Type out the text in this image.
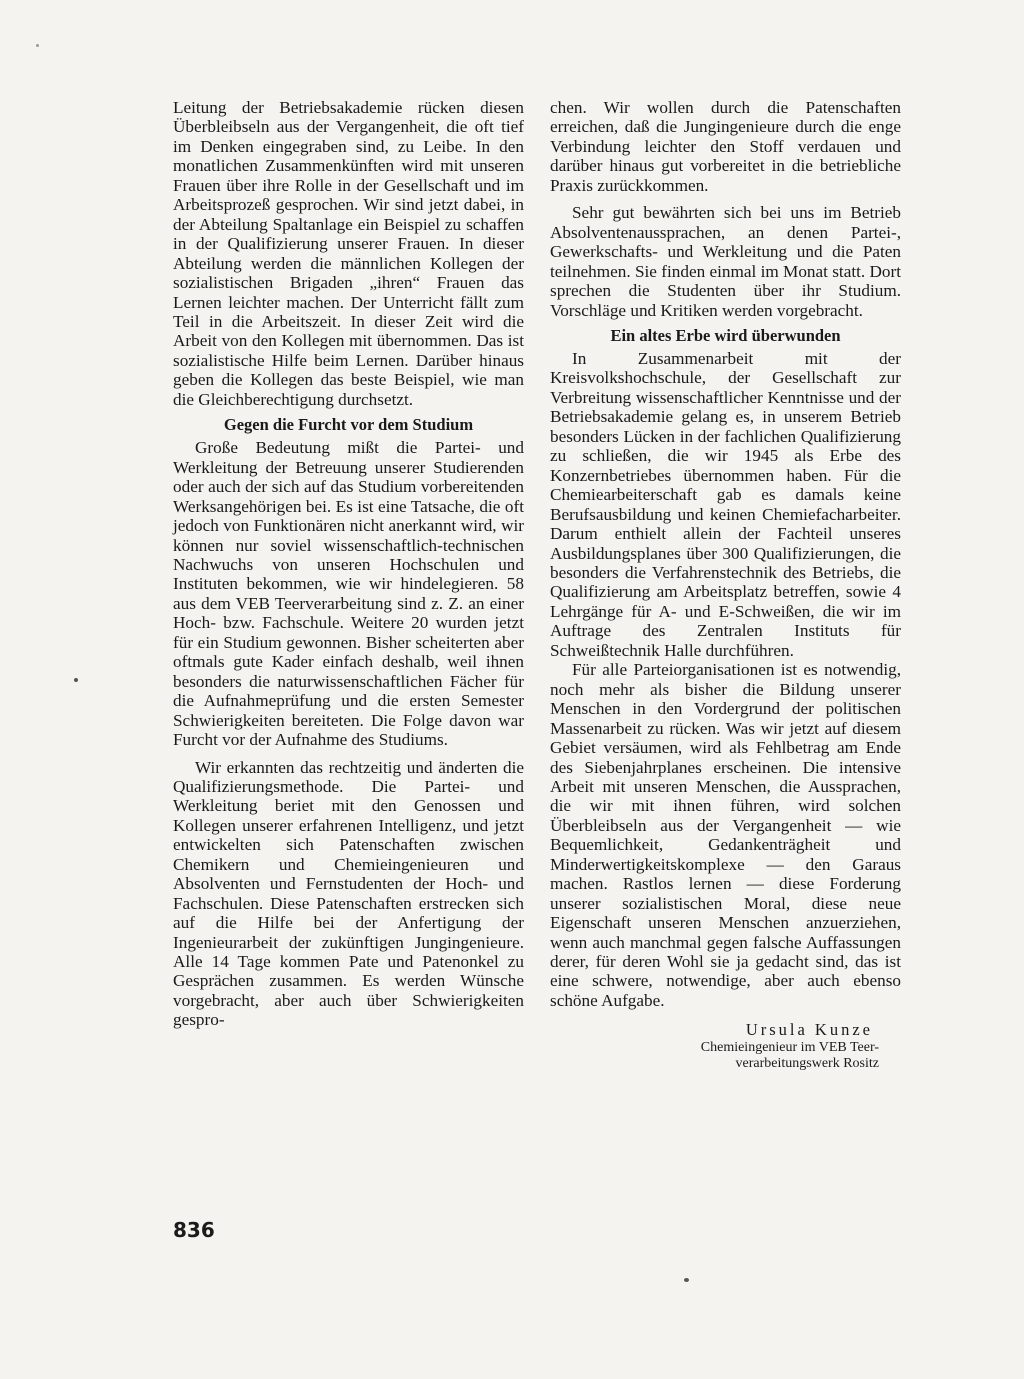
Leitung der Betriebsakademie rücken diesen Überbleibseln aus der Vergangenheit, die oft tief im Denken eingegraben sind, zu Leibe. In den monatlichen Zusammenkünften wird mit unseren Frauen über ihre Rolle in der Gesellschaft und im Arbeitsprozeß gesprochen. Wir sind jetzt dabei, in der Abteilung Spaltanlage ein Beispiel zu schaffen in der Qualifizierung unserer Frauen. In dieser Abteilung werden die männlichen Kollegen der sozialistischen Brigaden „ihren“ Frauen das Lernen leichter machen. Der Unterricht fällt zum Teil in die Arbeitszeit. In dieser Zeit wird die Arbeit von den Kollegen mit übernommen. Das ist sozialistische Hilfe beim Lernen. Darüber hinaus geben die Kollegen das beste Beispiel, wie man die Gleichberechtigung durchsetzt.

Gegen die Furcht vor dem Studium

Große Bedeutung mißt die Partei- und Werkleitung der Betreuung unserer Studierenden oder auch der sich auf das Studium vorbereitenden Werksangehörigen bei. Es ist eine Tatsache, die oft jedoch von Funktionären nicht anerkannt wird, wir können nur soviel wissenschaftlich-technischen Nachwuchs von unseren Hochschulen und Instituten bekommen, wie wir hindelegieren. 58 aus dem VEB Teerverarbeitung sind z. Z. an einer Hoch- bzw. Fachschule. Weitere 20 wurden jetzt für ein Studium gewonnen. Bisher scheiterten aber oftmals gute Kader einfach deshalb, weil ihnen besonders die naturwissenschaftlichen Fächer für die Aufnahmeprüfung und die ersten Semester Schwierigkeiten bereiteten. Die Folge davon war Furcht vor der Aufnahme des Studiums.

Wir erkannten das rechtzeitig und änderten die Qualifizierungsmethode. Die Partei- und Werkleitung beriet mit den Genossen und Kollegen unserer erfahrenen Intelligenz, und jetzt entwickelten sich Patenschaften zwischen Chemikern und Chemieingenieuren und Absolventen und Fernstudenten der Hoch- und Fachschulen. Diese Patenschaften erstrecken sich auf die Hilfe bei der Anfertigung der Ingenieurarbeit der zukünftigen Jungingenieure. Alle 14 Tage kommen Pate und Patenonkel zu Gesprächen zusammen. Es werden Wünsche vorgebracht, aber auch über Schwierigkeiten gespro-

chen. Wir wollen durch die Patenschaften erreichen, daß die Jungingenieure durch die enge Verbindung leichter den Stoff verdauen und darüber hinaus gut vorbereitet in die betriebliche Praxis zurückkommen.

Sehr gut bewährten sich bei uns im Betrieb Absolventenaussprachen, an denen Partei-, Gewerkschafts- und Werkleitung und die Paten teilnehmen. Sie finden einmal im Monat statt. Dort sprechen die Studenten über ihr Studium. Vorschläge und Kritiken werden vorgebracht.

Ein altes Erbe wird überwunden

In Zusammenarbeit mit der Kreisvolkshochschule, der Gesellschaft zur Verbreitung wissenschaftlicher Kenntnisse und der Betriebsakademie gelang es, in unserem Betrieb besonders Lücken in der fachlichen Qualifizierung zu schließen, die wir 1945 als Erbe des Konzernbetriebes übernommen haben. Für die Chemiearbeiterschaft gab es damals keine Berufsausbildung und keinen Chemiefacharbeiter. Darum enthielt allein der Fachteil unseres Ausbildungsplanes über 300 Qualifizierungen, die besonders die Verfahrenstechnik des Betriebs, die Qualifizierung am Arbeitsplatz betreffen, sowie 4 Lehrgänge für A- und E-Schweißen, die wir im Auftrage des Zentralen Instituts für Schweißtechnik Halle durchführen.

Für alle Parteiorganisationen ist es notwendig, noch mehr als bisher die Bildung unserer Menschen in den Vordergrund der politischen Massenarbeit zu rücken. Was wir jetzt auf diesem Gebiet versäumen, wird als Fehlbetrag am Ende des Siebenjahrplanes erscheinen. Die intensive Arbeit mit unseren Menschen, die Aussprachen, die wir mit ihnen führen, wird solchen Überbleibseln aus der Vergangenheit — wie Bequemlichkeit, Gedankenträgheit und Minderwertigkeitskomplexe — den Garaus machen. Rastlos lernen — diese Forderung unserer sozialistischen Moral, diese neue Eigenschaft unseren Menschen anzuerziehen, wenn auch manchmal gegen falsche Auffassungen derer, für deren Wohl sie ja gedacht sind, das ist eine schwere, notwendige, aber auch ebenso schöne Aufgabe.

Ursula Kunze
Chemieingenieur im VEB Teer-
verarbeitungswerk Rositz
836
